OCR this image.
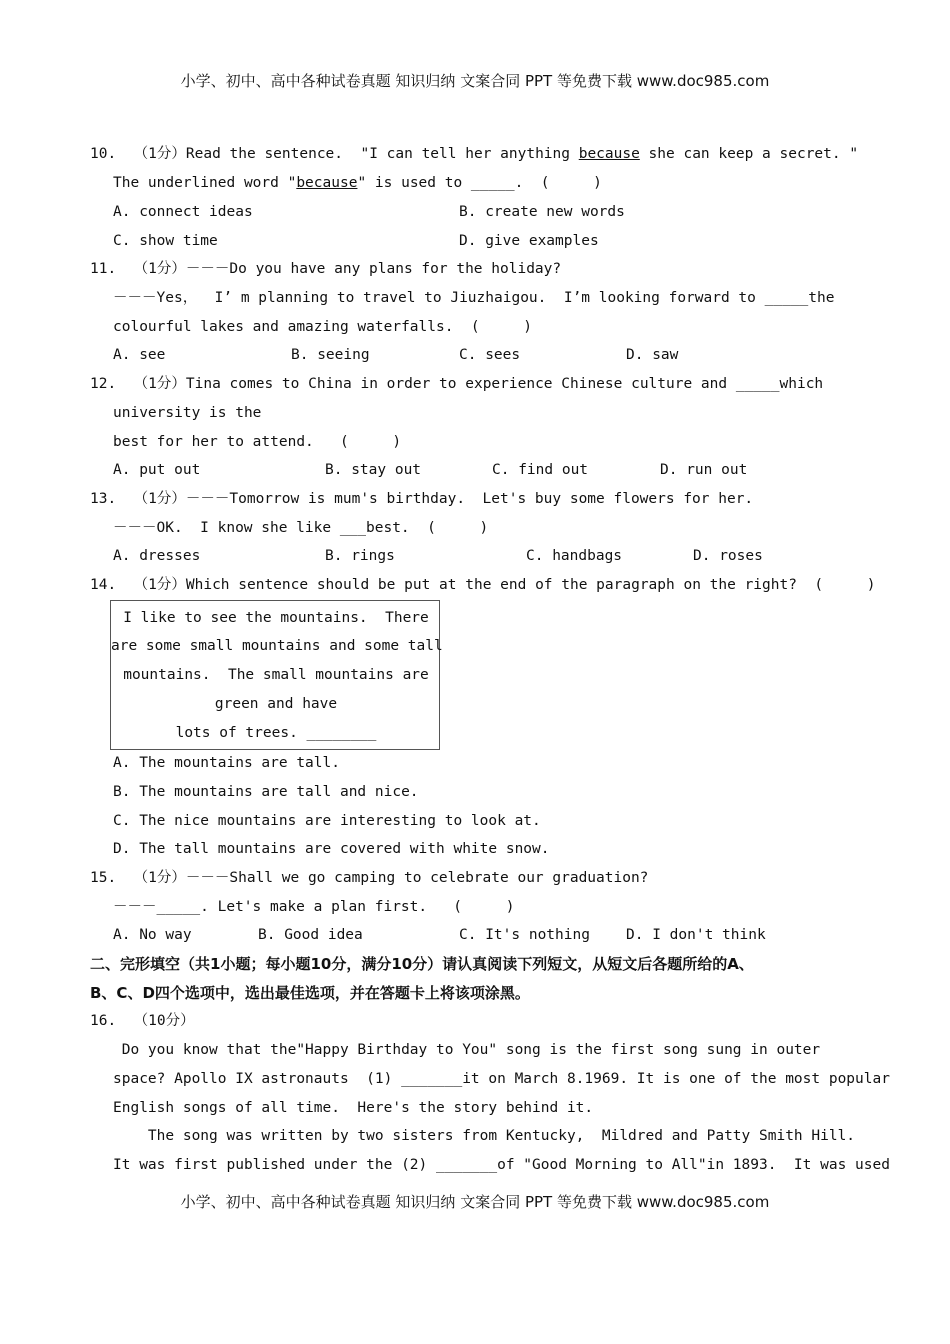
小学、初中、高中各种试卷真题 知识归纳 文案合同 PPT 等免费下载 www.doc985.com
10.  （1分）Read the sentence.  "I can tell her anything because she can keep a secret. "
The underlined word "because" is used to _____.  (     )
A. connect ideas	B. create new words
C. show time	D. give examples
11.  （1分）－－－Do you have any plans for the holiday?
－－－Yes，  I’ m planning to travel to Jiuzhaigou.  I’m looking forward to _____the
colourful lakes and amazing waterfalls.  (     )
A. see	B. seeing	C. sees	D. saw
12.  （1分）Tina comes to China in order to experience Chinese culture and _____which
university is the
best for her to attend.   (     )
A. put out	B. stay out	C. find out	D. run out
13.  （1分）－－－Tomorrow is mum's birthday.  Let's buy some flowers for her.
－－－OK.  I know she like ___best.  (     )
A. dresses	B. rings	C. handbags	D. roses
14.  （1分）Which sentence should be put at the end of the paragraph on the right?  (     )
I like to see the mountains.  There
are some small mountains and some tall
mountains.  The small mountains are
green and have
lots of trees. ________
A. The mountains are tall.
B. The mountains are tall and nice.
C. The nice mountains are interesting to look at.
D. The tall mountains are covered with white snow.
15.  （1分）－－－Shall we go camping to celebrate our graduation?
－－－_____. Let's make a plan first.   (     )
A. No way	B. Good idea	C. It's nothing D. I don't think
二、完形填空（共1小题；每小题10分，满分10分）请认真阅读下列短文，从短文后各题所给的A、
B、C、D四个选项中，选出最佳选项，并在答题卡上将该项涂黑。
16.  （10分）
Do you know that the"Happy Birthday to You" song is the first song sung in outer
space? Apollo IX astronauts  (1) _______it on March 8.1969. It is one of the most popular
English songs of all time.  Here's the story behind it.
The song was written by two sisters from Kentucky,  Mildred and Patty Smith Hill.
It was first published under the (2) _______of "Good Morning to All"in 1893.  It was used
小学、初中、高中各种试卷真题 知识归纳 文案合同 PPT 等免费下载 www.doc985.com
